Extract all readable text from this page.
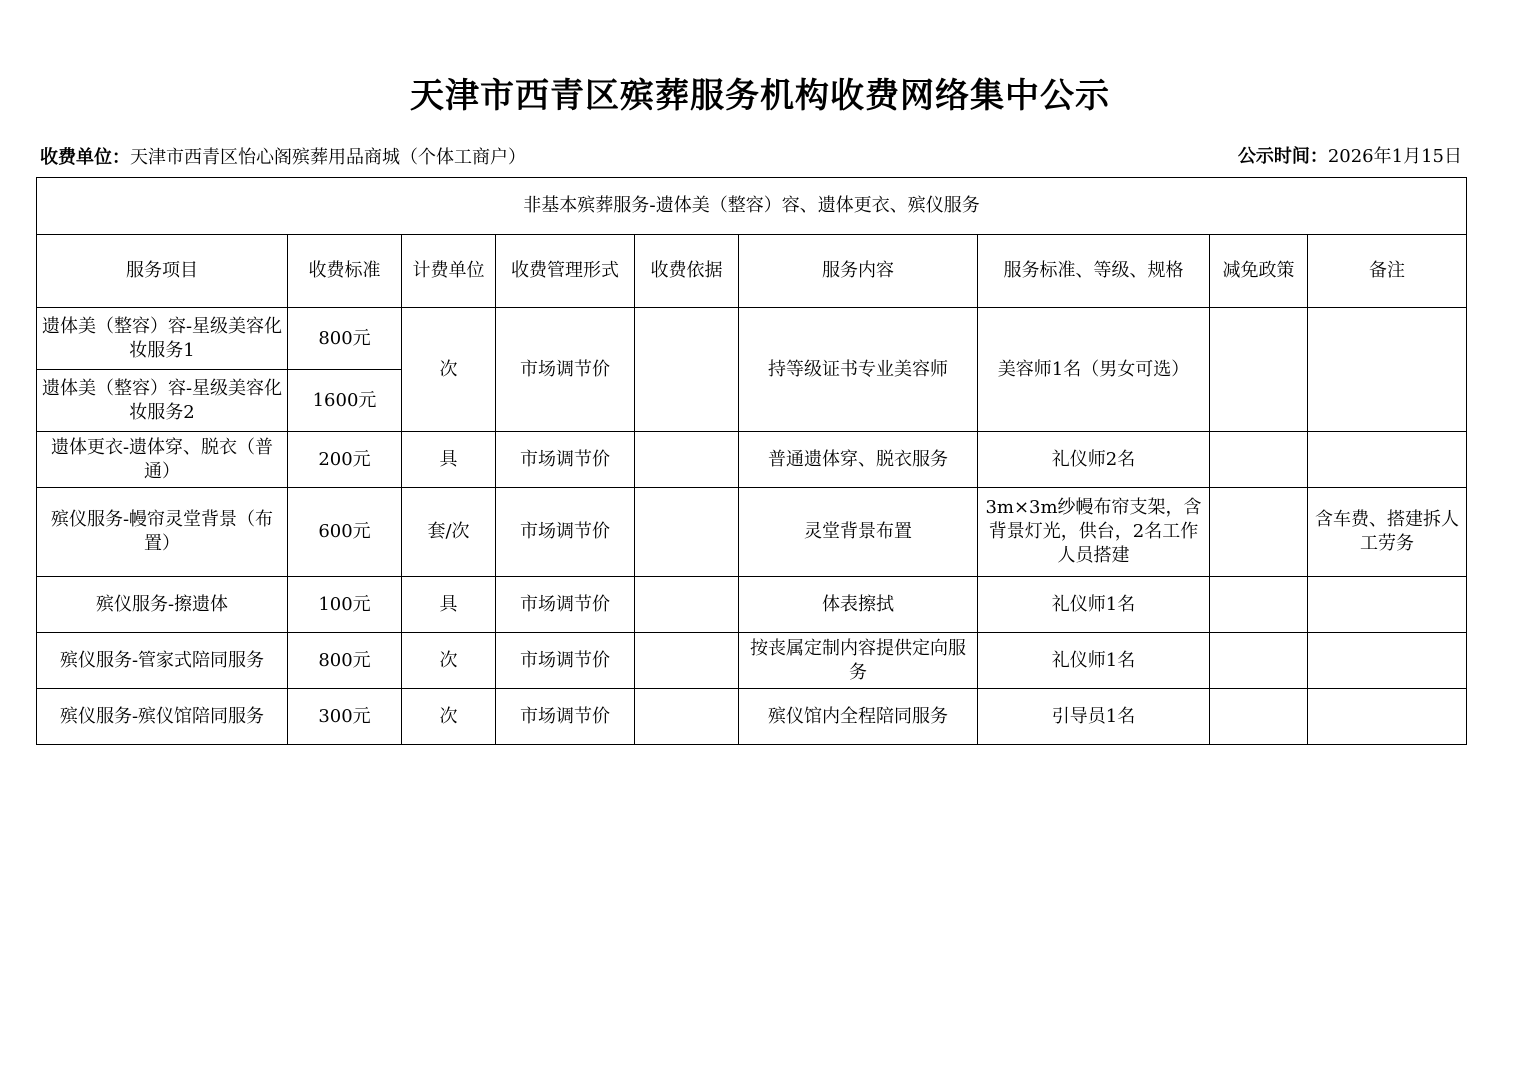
天津市西青区殡葬服务机构收费网络集中公示
收费单位：天津市西青区怡心阁殡葬用品商城（个体工商户）	公示时间：2026年1月15日
非基本殡葬服务-遗体美（整容）容、遗体更衣、殡仪服务								
服务项目	收费标准	计费单位	收费管理形式	收费依据	服务内容	服务标准、等级、规格	减免政策	备注
遗体美（整容）容-星级美容化妆服务1	800元	次	市场调节价		持等级证书专业美容师	美容师1名（男女可选）		
遗体美（整容）容-星级美容化妆服务2	1600元							
遗体更衣-遗体穿、脱衣（普通）	200元	具	市场调节价		普通遗体穿、脱衣服务	礼仪师2名		
殡仪服务-幔帘灵堂背景（布置）	600元	套/次	市场调节价		灵堂背景布置	3m×3m纱幔布帘支架，含背景灯光，供台，2名工作人员搭建		含车费、搭建拆人工劳务
殡仪服务-擦遗体	100元	具	市场调节价		体表擦拭	礼仪师1名		
殡仪服务-管家式陪同服务	800元	次	市场调节价		按丧属定制内容提供定向服务	礼仪师1名		
殡仪服务-殡仪馆陪同服务	300元	次	市场调节价		殡仪馆内全程陪同服务	引导员1名		
